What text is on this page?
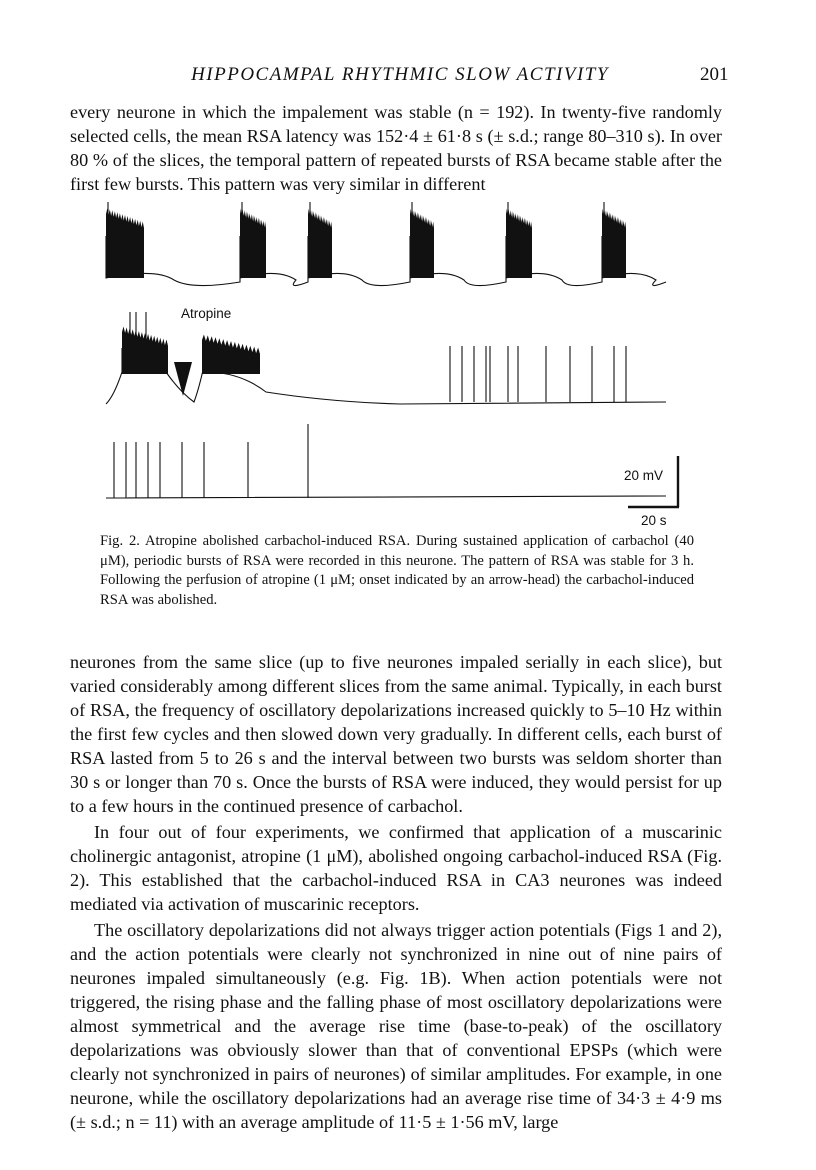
HIPPOCAMPAL RHYTHMIC SLOW ACTIVITY	201

every neurone in which the impalement was stable (n = 192). In twenty-five randomly selected cells, the mean RSA latency was 152·4 ± 61·8 s (± s.d.; range 80–310 s). In over 80 % of the slices, the temporal pattern of repeated bursts of RSA became stable after the first few bursts. This pattern was very similar in different

Atropine
20 mV
20 s

Fig. 2. Atropine abolished carbachol-induced RSA. During sustained application of carbachol (40 μM), periodic bursts of RSA were recorded in this neurone. The pattern of RSA was stable for 3 h. Following the perfusion of atropine (1 μM; onset indicated by an arrow-head) the carbachol-induced RSA was abolished.

neurones from the same slice (up to five neurones impaled serially in each slice), but varied considerably among different slices from the same animal. Typically, in each burst of RSA, the frequency of oscillatory depolarizations increased quickly to 5–10 Hz within the first few cycles and then slowed down very gradually. In different cells, each burst of RSA lasted from 5 to 26 s and the interval between two bursts was seldom shorter than 30 s or longer than 70 s. Once the bursts of RSA were induced, they would persist for up to a few hours in the continued presence of carbachol.

In four out of four experiments, we confirmed that application of a muscarinic cholinergic antagonist, atropine (1 μM), abolished ongoing carbachol-induced RSA (Fig. 2). This established that the carbachol-induced RSA in CA3 neurones was indeed mediated via activation of muscarinic receptors.

The oscillatory depolarizations did not always trigger action potentials (Figs 1 and 2), and the action potentials were clearly not synchronized in nine out of nine pairs of neurones impaled simultaneously (e.g. Fig. 1B). When action potentials were not triggered, the rising phase and the falling phase of most oscillatory depolarizations were almost symmetrical and the average rise time (base-to-peak) of the oscillatory depolarizations was obviously slower than that of conventional EPSPs (which were clearly not synchronized in pairs of neurones) of similar amplitudes. For example, in one neurone, while the oscillatory depolarizations had an average rise time of 34·3 ± 4·9 ms (± s.d.; n = 11) with an average amplitude of 11·5 ± 1·56 mV, large
